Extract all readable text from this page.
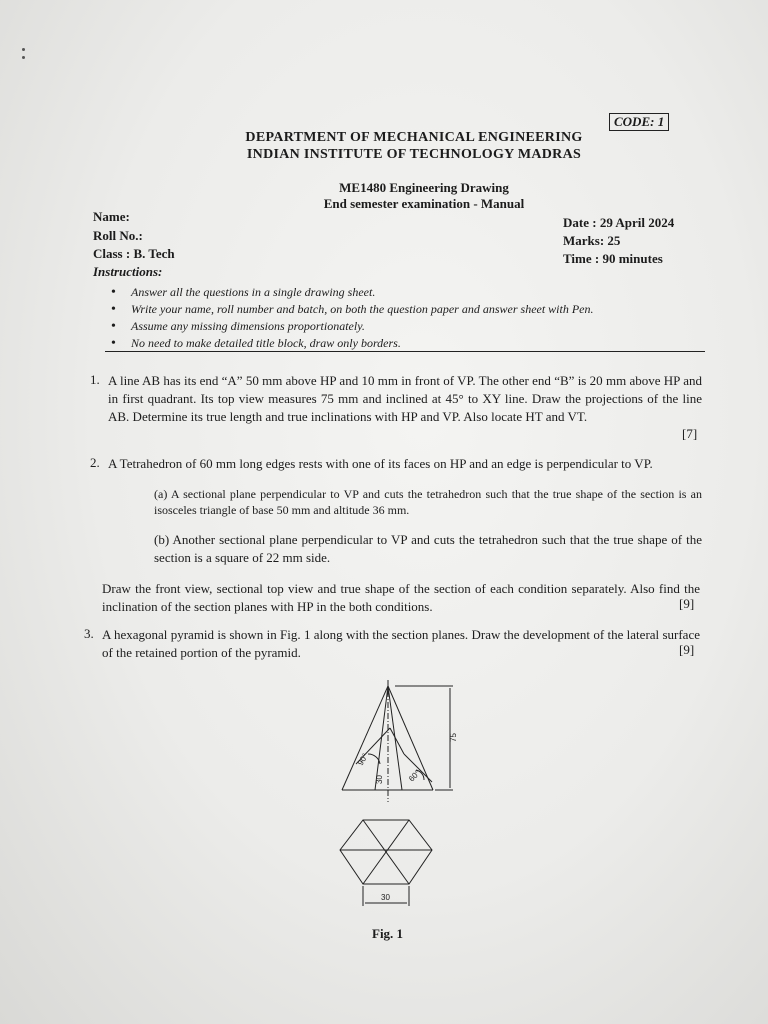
CODE: 1
DEPARTMENT OF MECHANICAL ENGINEERING
INDIAN INSTITUTE OF TECHNOLOGY MADRAS
ME1480 Engineering Drawing
End semester examination - Manual
Name:
Roll No.:
Class : B. Tech
Date : 29 April 2024
Marks: 25
Time : 90 minutes
Instructions:
• Answer all the questions in a single drawing sheet.
• Write your name, roll number and batch, on both the question paper and answer sheet with Pen.
• Assume any missing dimensions proportionately.
• No need to make detailed title block, draw only borders.
1. A line AB has its end “A” 50 mm above HP and 10 mm in front of VP. The other end “B” is 20 mm above HP and in first quadrant. Its top view measures 75 mm and inclined at 45° to XY line. Draw the projections of the line AB. Determine its true length and true inclinations with HP and VP. Also locate HT and VT.
[7]
2. A Tetrahedron of 60 mm long edges rests with one of its faces on HP and an edge is perpendicular to VP.
(a) A sectional plane perpendicular to VP and cuts the tetrahedron such that the true shape of the section is an isosceles triangle of base 50 mm and altitude 36 mm.
(b) Another sectional plane perpendicular to VP and cuts the tetrahedron such that the true shape of the section is a square of 22 mm side.
Draw the front view, sectional top view and true shape of the section of each condition separately. Also find the inclination of the section planes with HP in the both conditions.	[9]
3. A hexagonal pyramid is shown in Fig. 1 along with the section planes. Draw the development of the lateral surface of the retained portion of the pyramid.	[9]
75
30
90°
60°
30
Fig. 1
